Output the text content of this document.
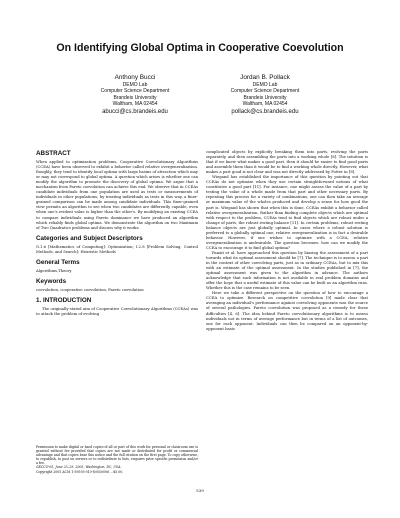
On Identifying Global Optima in Cooperative Coevolution
Anthony Bucci
DEMO Lab
Computer Science Department
Brandeis University
Waltham, MA 02454
abucci@cs.brandeis.edu
Jordan B. Pollack
DEMO Lab
Computer Science Department
Brandeis University
Waltham, MA 02454
pollack@cs.brandeis.edu
ABSTRACT

When applied to optimization problems, Cooperative Coevolutionary Algorithms (CCEA) have been observed to exhibit a behavior called relative overgeneralization. Roughly, they tend to identify local optima with large basins of attraction which may or may not correspond to global optima. A question which arises is whether one can modify the algorithm to promote the discovery of global optima. We argue that a mechanism from Pareto coevolution can achieve this end. We observe that in CCEAs candidate individuals from one population are used as tests or measurements of individuals in other populations; by treating individuals as tests in this way, a finer-grained comparison can be made among candidate individuals. This finer-grained view permits an algorithm to see when two candidates are differently capable, even when one's evident value is higher than the other's. By modifying an existing CCEA to compare individuals using Pareto dominance we have produced an algorithm which reliably finds global optima. We demonstrate the algorithm on two Maximum of Two Quadratics problems and discuss why it works.

Categories and Subject Descriptors

G.1.6 [Mathematics of Computing]: Optimization; I.2.8 [Problem Solving, Control Methods, and Search]: Heuristic Methods

General Terms

Algorithms,Theory

Keywords

coevolution, cooperative coevolution, Pareto coevolution

1. INTRODUCTION

The originally-stated aim of Cooperative Coevolutionary Algorithms (CCEAs) was to attack the problem of evolving

Permission to make digital or hard copies of all or part of this work for personal or classroom use is granted without fee provided that copies are not made or distributed for profit or commercial advantage and that copies bear this notice and the full citation on the first page. To copy otherwise, to republish, to post on servers or to redistribute to lists, requires prior specific permission and/or a fee.

GECCO'05, June 25–29, 2005, Washington, DC, USA.

Copyright 2005 ACM 1-59593-010-8/05/0006 ...$5.00.

complicated objects by explicitly breaking them into parts, evolving the parts separately, and then assembling the parts into a working whole [8]. The intuition is that if we knew what makes a good part, then it should be easier to find good parts and assemble them than it would be to find a working whole directly. However, what makes a part good is not clear and was not directly addressed by Potter in [8].

Wiegand has established the importance of this question by pointing out that CCEAs do not optimize when they use certain straightforward notions of what constitutes a good part [11]. For instance, one might assess the value of a part by testing the value of a whole made from that part and other necessary parts. By repeating this process for a variety of combinations, one can then take an average or maximum value of the wholes produced and develop a sense for how good the part is. Wiegand has shown that when this is done, CCEAs exhibit a behavior called relative overgeneralization. Rather than finding complete objects which are optimal with respect to the problem, CCEAs tend to find objects which are robust under a change of parts, the robust resting balance [11]. In certain problems, robust resting balance objects are just globally optimal. In cases where a robust solution is preferred to a globally optimal one, relative overgeneralization is in fact a desirable behavior. However, if one wishes to optimize with a CCEA, relative overgeneralization is undesirable. The question becomes: how can we modify the CCEA to encourage it to find global optima?

Panait et al. have approached this question by biasing the assessment of a part towards what its optimal assessment should be [7]. The technique is to assess a part in the context of other coevolving parts, just as in ordinary CCEAs, but to mix this with an estimate of the optimal assessment. In the studies published in [7], the optimal assessment was given to the algorithm in advance. The authors acknowledge that such information is not available in real problem domains and offer the hope that a useful estimate of this value can be built as an algorithm runs. Whether this is the case remains to be seen.

Here we take a different perspective on the question of how to encourage a CCEA to optimize. Research on competitive coevolution [9] made clear that averaging an individual's performance against coevolving opponents was the source of several pathologies. Pareto coevolution was proposed as a remedy for these difficulties [4, 6]. The idea behind Pareto coevolutionary algorithms is to assess individuals not in terms of average performance but in terms of a list of outcomes, one for each opponent. Individuals can then be compared on an opponent-by-opponent basis

539
